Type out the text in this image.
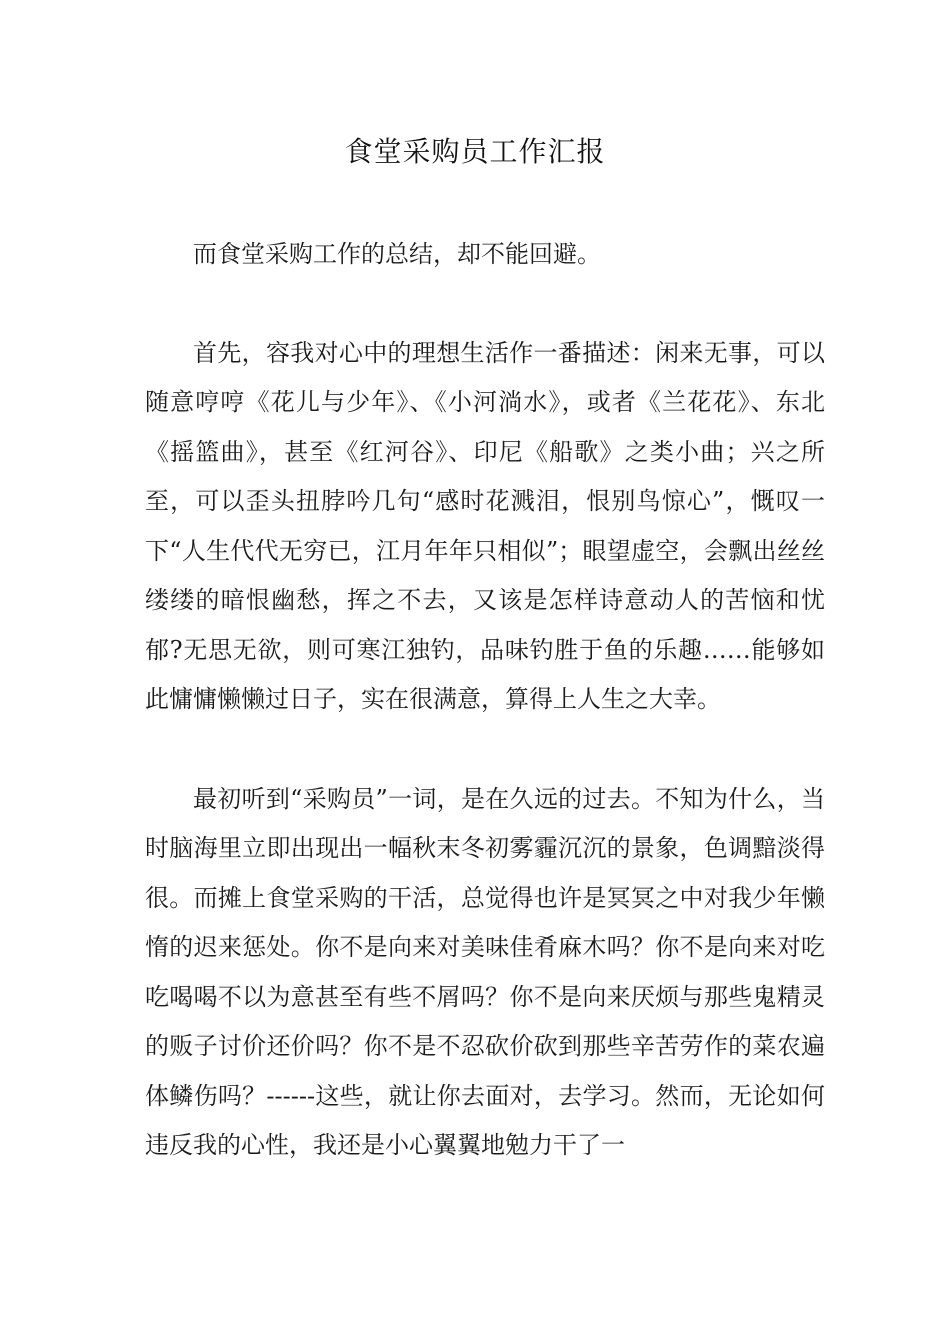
食堂采购员工作汇报

而食堂采购工作的总结，却不能回避。

首先，容我对心中的理想生活作一番描述：闲来无事，可以随意哼哼《花儿与少年》、《小河淌水》，或者《兰花花》、东北《摇篮曲》，甚至《红河谷》、印尼《船歌》之类小曲；兴之所至，可以歪头扭脖吟几句“感时花溅泪，恨别鸟惊心”，慨叹一下“人生代代无穷已，江月年年只相似”；眼望虚空，会飘出丝丝缕缕的暗恨幽愁，挥之不去，又该是怎样诗意动人的苦恼和忧郁?无思无欲，则可寒江独钓，品味钓胜于鱼的乐趣……能够如此慵慵懒懒过日子，实在很满意，算得上人生之大幸。

最初听到“采购员”一词，是在久远的过去。不知为什么，当时脑海里立即出现出一幅秋末冬初雾霾沉沉的景象，色调黯淡得很。而摊上食堂采购的干活，总觉得也许是冥冥之中对我少年懒惰的迟来惩处。你不是向来对美味佳肴麻木吗？你不是向来对吃吃喝喝不以为意甚至有些不屑吗？你不是向来厌烦与那些鬼精灵的贩子讨价还价吗？你不是不忍砍价砍到那些辛苦劳作的菜农遍体鳞伤吗？------这些，就让你去面对，去学习。然而，无论如何违反我的心性，我还是小心翼翼地勉力干了一
